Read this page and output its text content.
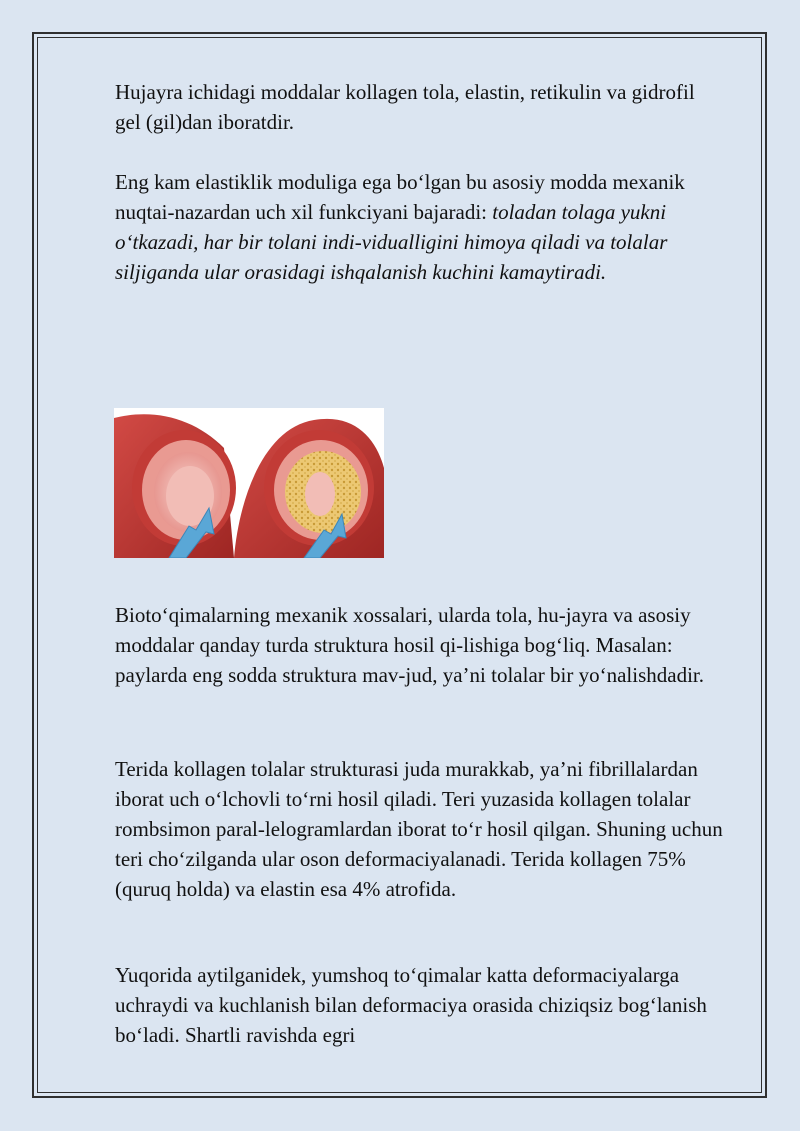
Hujayra ichidagi moddalar kollagen tola, elastin, retikulin va gidrofil gel (gil)dan iboratdir.

Eng kam elastiklik moduliga ega bo‘lgan bu asosiy modda mexanik nuqtai-nazardan uch xil funkciyani bajaradi: toladan tolaga yukni o‘tkazadi, har bir tolani indi-vidualligini himoya qiladi va tolalar siljiganda ular orasidagi ishqalanish kuchini kamaytiradi.

Bioto‘qimalarning mexanik xossalari, ularda tola, hu-jayra va asosiy moddalar qanday turda struktura hosil qi-lishiga bog‘liq. Masalan: paylarda eng sodda struktura mav-jud, ya’ni tolalar bir yo‘nalishdadir.

Terida kollagen tolalar strukturasi juda murakkab, ya’ni fibrillalardan iborat uch o‘lchovli to‘rni hosil qiladi. Teri yuzasida kollagen tolalar rombsimon paral-lelogramlardan iborat to‘r hosil qilgan. Shuning uchun teri cho‘zilganda ular oson deformaciyalanadi. Terida kollagen 75% (quruq holda) va elastin esa 4% atrofida.

Yuqorida aytilganidek, yumshoq to‘qimalar katta deformaciyalarga uchraydi va kuchlanish bilan deformaciya orasida chiziqsiz bog‘lanish bo‘ladi. Shartli ravishda egri
